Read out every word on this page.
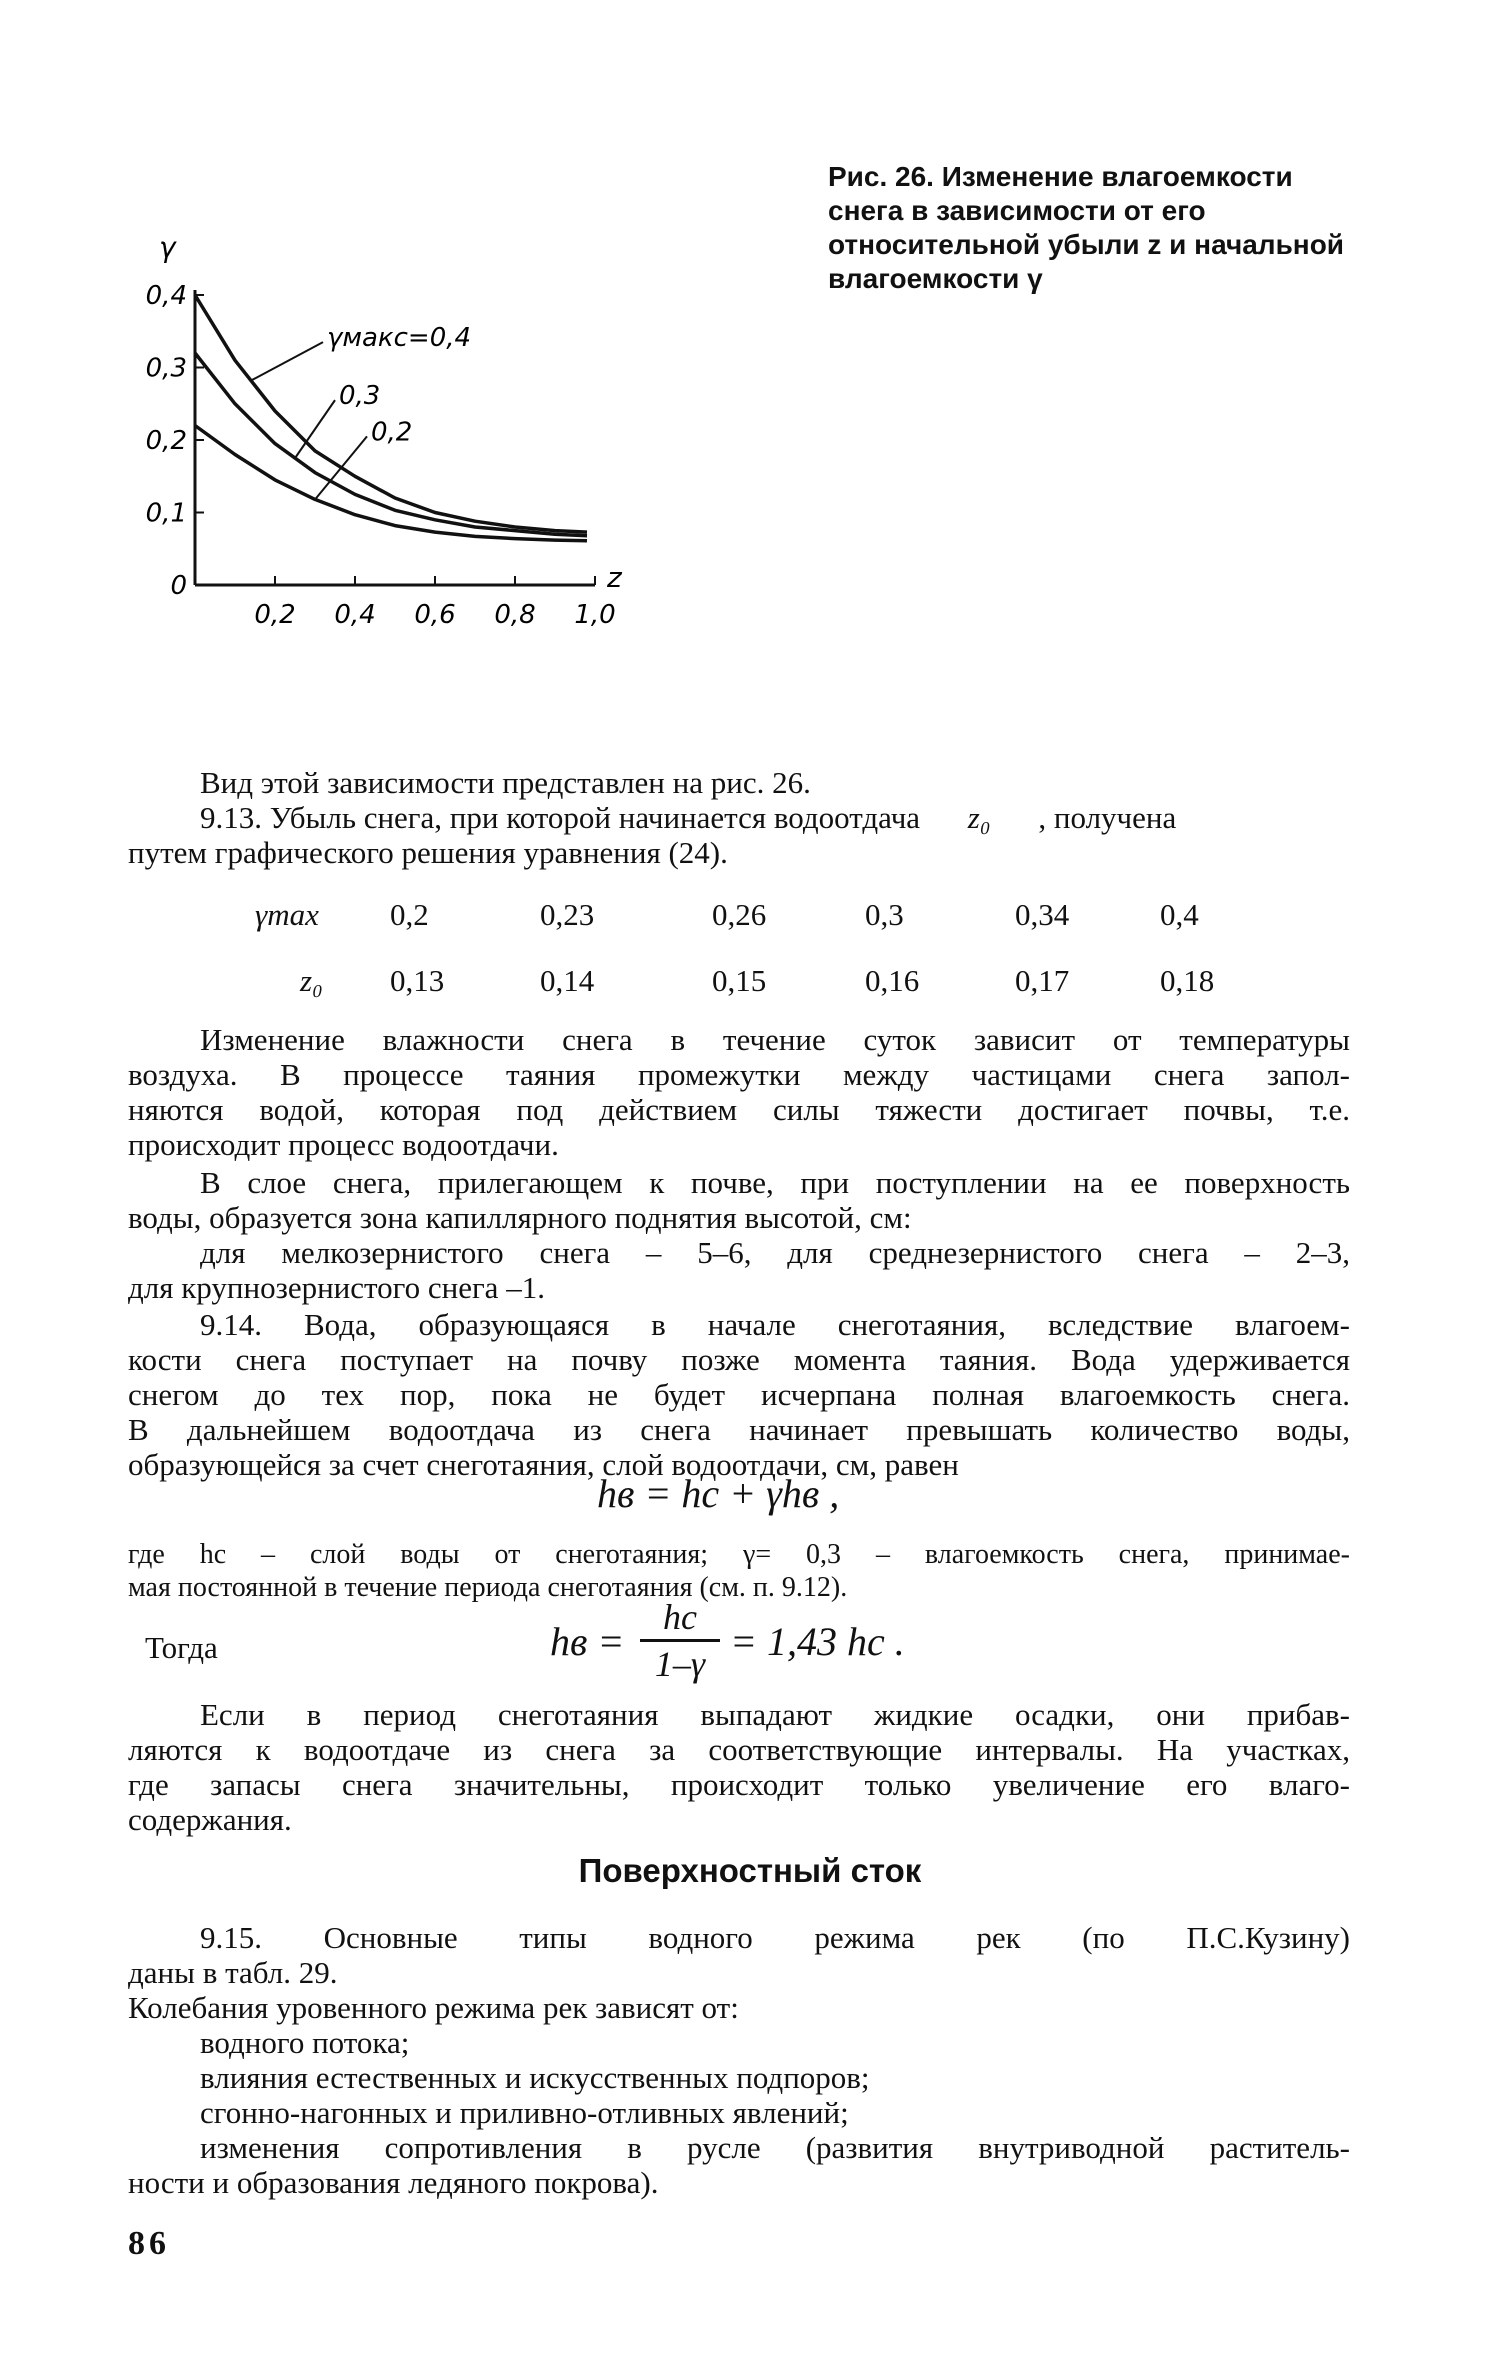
γ
z
0
0,1
0,2
0,3
0,4
0,2 0,4 0,6 0,8 1,0
γмакс=0,4
0,3
0,2
Рис. 26. Изменение влагоемкости снега в зависимости от его относительной убыли z и начальной влагоемкости γ
Вид этой зависимости представлен на рис. 26.
9.13. Убыль снега, при которой начинается водоотдача z₀ , получена
путем графического решения уравнения (24).
γmax 0,2	0,23	0,26	0,3	0,34	0,4
z₀ 0,13	0,14	0,15	0,16	0,17	0,18
Изменение влажности снега в течение суток зависит от температуры
воздуха. В процессе таяния промежутки между частицами снега запол-
няются водой, которая под действием силы тяжести достигает почвы, т.е.
происходит процесс водоотдачи.
В слое снега, прилегающем к почве, при поступлении на ее поверхность
воды, образуется зона капиллярного поднятия высотой, см:
для мелкозернистого снега – 5–6, для среднезернистого снега – 2–3,
для крупнозернистого снега –1.
9.14. Вода, образующаяся в начале снеготаяния, вследствие влагоем-
кости снега поступает на почву позже момента таяния. Вода удерживается
снегом до тех пор, пока не будет исчерпана полная влагоемкость снега.
В дальнейшем водоотдача из снега начинает превышать количество воды,
образующейся за счет снеготаяния, слой водоотдачи, см, равен
hв = hс + γhв ,
где hс – слой воды от снеготаяния; γ= 0,3 – влагоемкость снега, принимае-
мая постоянной в течение периода снеготаяния (см. п. 9.12).
Тогда	hв =
hс
1–γ = 1,43 hс .
Если в период снеготаяния выпадают жидкие осадки, они прибав-
ляются к водоотдаче из снега за соответствующие интервалы. На участках,
где запасы снега значительны, происходит только увеличение его влаго-
содержания.
Поверхностный сток
9.15. Основные типы водного режима рек (по П.С.Кузину)
даны в табл. 29.
Колебания уровенного режима рек зависят от:
водного потока;
влияния естественных и искусственных подпоров;
сгонно-нагонных и приливно-отливных явлений;
изменения сопротивления в русле (развития внутриводной раститель-
ности и образования ледяного покрова).
86
